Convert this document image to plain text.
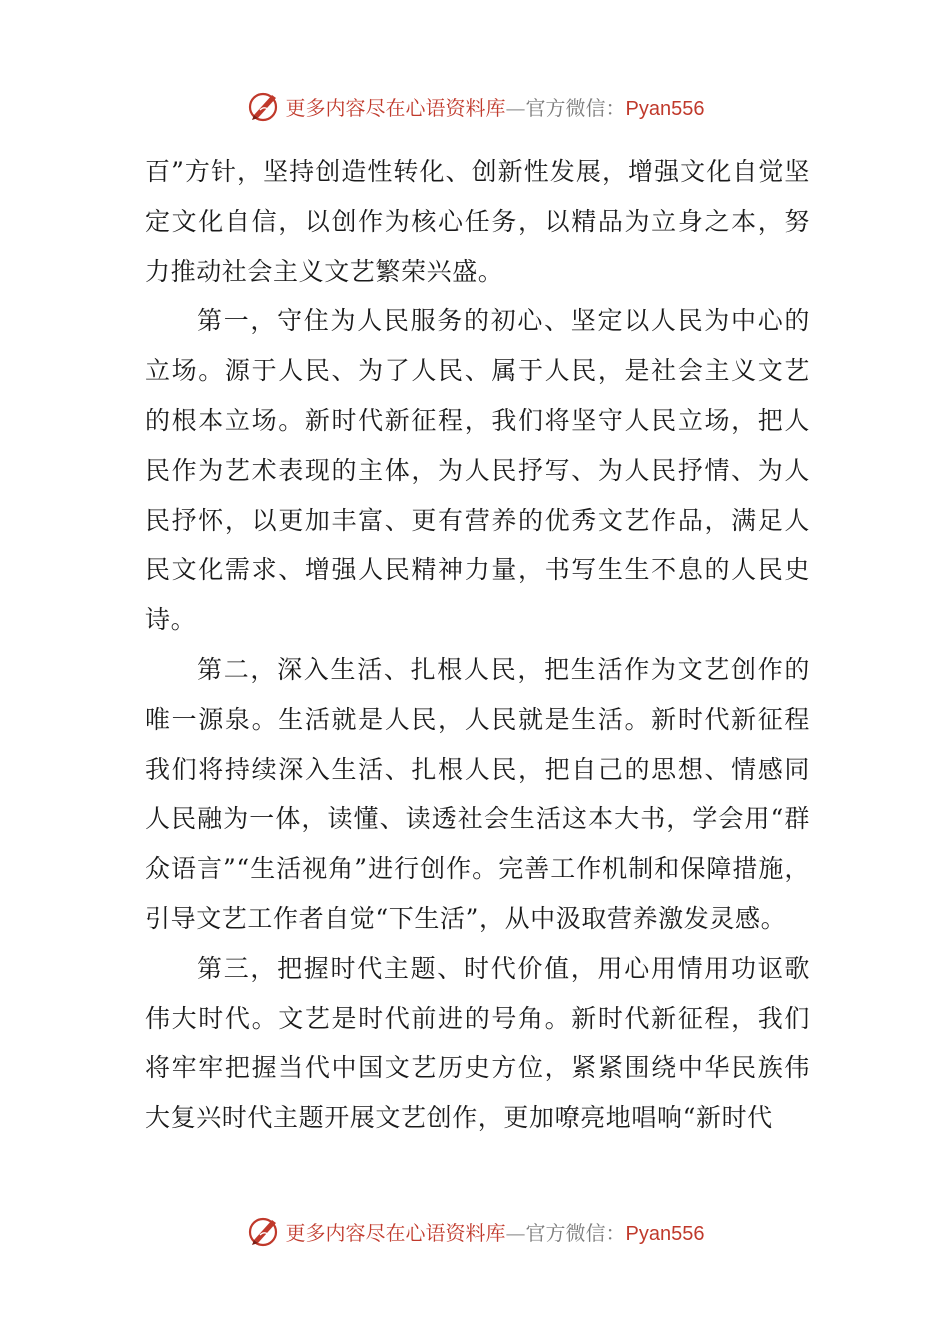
更多内容尽在心语资料库—官方微信：Pyan556

百”方针，坚持创造性转化、创新性发展，增强文化自觉坚定文化自信，以创作为核心任务，以精品为立身之本，努力推动社会主义文艺繁荣兴盛。

第一，守住为人民服务的初心、坚定以人民为中心的立场。源于人民、为了人民、属于人民，是社会主义文艺的根本立场。新时代新征程，我们将坚守人民立场，把人民作为艺术表现的主体，为人民抒写、为人民抒情、为人民抒怀，以更加丰富、更有营养的优秀文艺作品，满足人民文化需求、增强人民精神力量，书写生生不息的人民史诗。

第二，深入生活、扎根人民，把生活作为文艺创作的唯一源泉。生活就是人民，人民就是生活。新时代新征程我们将持续深入生活、扎根人民，把自己的思想、情感同人民融为一体，读懂、读透社会生活这本大书，学会用“群众语言”“生活视角”进行创作。完善工作机制和保障措施，引导文艺工作者自觉“下生活”，从中汲取营养激发灵感。

第三，把握时代主题、时代价值，用心用情用功讴歌伟大时代。文艺是时代前进的号角。新时代新征程，我们将牢牢把握当代中国文艺历史方位，紧紧围绕中华民族伟大复兴时代主题开展文艺创作，更加嘹亮地唱响“新时代

更多内容尽在心语资料库—官方微信：Pyan556
